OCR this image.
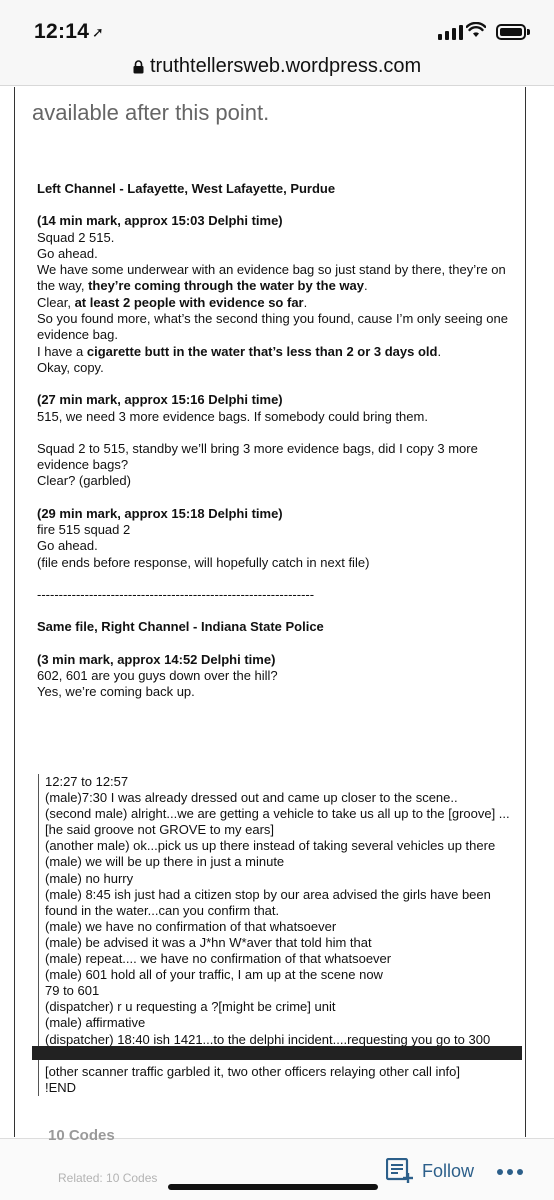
12:14 ➚
truthtellersweb.wordpress.com
available after this point.
Left Channel - Lafayette, West Lafayette, Purdue
(14 min mark, approx 15:03 Delphi time)
Squad 2 515.
Go ahead.
We have some underwear with an evidence bag so just stand by there, they’re on the way, they’re coming through the water by the way.
Clear, at least 2 people with evidence so far.
So you found more, what’s the second thing you found, cause I’m only seeing one evidence bag.
I have a cigarette butt in the water that’s less than 2 or 3 days old.
Okay, copy.
(27 min mark, approx 15:16 Delphi time)
515, we need 3 more evidence bags. If somebody could bring them.
Squad 2 to 515, standby we’ll bring 3 more evidence bags, did I copy 3 more evidence bags?
Clear? (garbled)
(29 min mark, approx 15:18 Delphi time)
fire 515 squad 2
Go ahead.
(file ends before response, will hopefully catch in next file)
----------------------------------------------------------------
Same file, Right Channel - Indiana State Police
(3 min mark, approx 14:52 Delphi time)
602, 601 are you guys down over the hill?
Yes, we’re coming back up.
12:27 to 12:57
(male)7:30 I was already dressed out and came up closer to the scene..
(second male) alright...we are getting a vehicle to take us all up to the [groove] ...[he said groove not GROVE to my ears]
(another male) ok...pick us up there instead of taking several vehicles up there
(male) we will be up there in just a minute
(male) no hurry
(male) 8:45 ish just had a citizen stop by our area advised the girls have been found in the water...can you confirm that.
(male) we have no confirmation of that whatsoever
(male) be advised it was a J*hn W*aver that told him that
(male) repeat.... we have no confirmation of that whatsoever
(male) 601 hold all of your traffic, I am up at the scene now
79 to 601
(dispatcher) r u requesting a ?[might be crime] unit
(male) affirmative
(dispatcher) 18:40 ish 1421...to the delphi incident....requesting you go to 300
[other scanner traffic garbled it, two other officers relaying other call info]
!END
10 Codes
Related: 10 Codes	Follow
